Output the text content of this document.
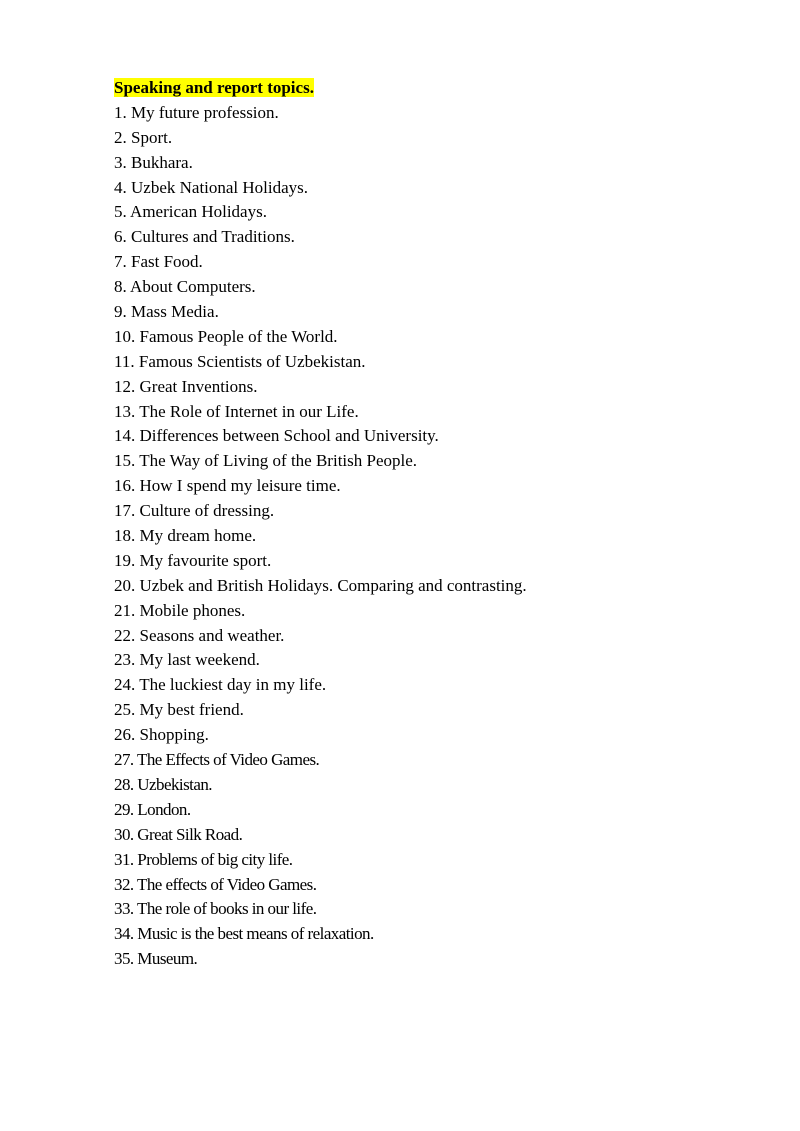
Speaking and report topics.

1. My future profession.
2. Sport.
3. Bukhara.
4. Uzbek National Holidays.
5. American Holidays.
6. Cultures and Traditions.
7. Fast Food.
8. About Computers.
9. Mass Media.
10. Famous People of the World.
11. Famous Scientists of Uzbekistan.
12. Great Inventions.
13. The Role of Internet in our Life.
14. Differences between School and University.
15. The Way of Living of the British People.
16. How I spend my leisure time.
17. Culture of dressing.
18. My dream home.
19. My favourite sport.
20. Uzbek and British Holidays. Comparing and contrasting.
21. Mobile phones.
22. Seasons and weather.
23. My last weekend.
24. The luckiest day in my life.
25. My best friend.
26. Shopping.
27. The Effects of Video Games.
28. Uzbekistan.
29. London.
30. Great Silk Road.
31. Problems of big city life.
32. The effects of Video Games.
33. The role of books in our life.
34. Music is the best means of relaxation.
35. Museum.
